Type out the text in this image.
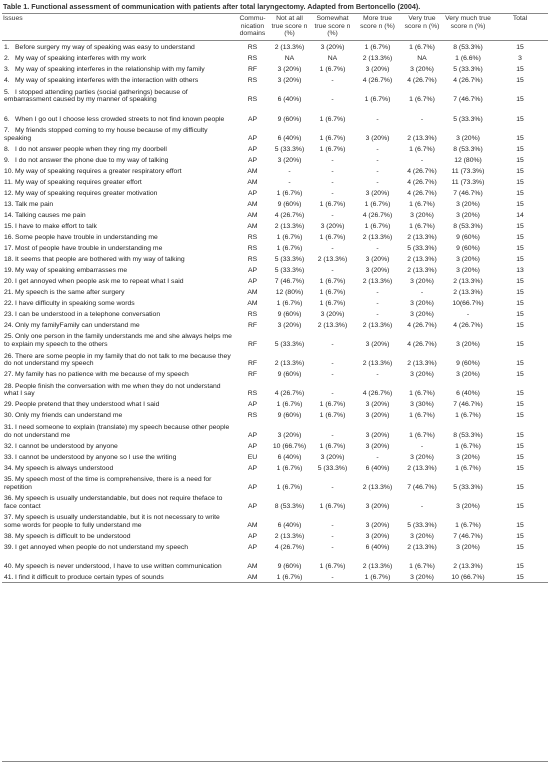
Table 1. Functional assessment of communication with patients after total laryngectomy. Adapted from Bertoncello (2004).
Issues	Commu-nication domains	Not at all true score n (%)	Somewhat true score n (%)	More true score n (%)	Very true score n (%)	Very much true score n (%)	Total
1. Before surgery my way of speaking was easy to understand	RS	2 (13.3%)	3 (20%)	1 (6.7%)	1 (6.7%)	8 (53.3%)	15
2. My way of speaking interferes with my work	RS	NA	NA	2 (13.3%)	NA	1 (6.6%)	3
3. My way of speaking interferes in the relationship with my family	RF	3 (20%)	1 (6.7%)	3 (20%)	3 (20%)	5 (33.3%)	15
4. My way of speaking interferes with the interaction with others	RS	3 (20%)	-	4 (26.7%)	4 (26.7%)	4 (26.7%)	15
5. I stopped attending parties (social gatherings) because of embarrassment caused by my manner of speaking	RS	6 (40%)	-	1 (6.7%)	1 (6.7%)	7 (46.7%)	15
6. When I go out I choose less crowded streets to not find known people	AP	9 (60%)	1 (6.7%)	-	-	5 (33.3%)	15
7. My friends stopped coming to my house because of my difficulty speaking	AP	6 (40%)	1 (6.7%)	3 (20%)	2 (13.3%)	3 (20%)	15
8. I do not answer people when they ring my doorbell	AP	5 (33.3%)	1 (6.7%)	-	1 (6.7%)	8 (53.3%)	15
9. I do not answer the phone due to my way of talking	AP	3 (20%)	-	-	-	12 (80%)	15
10. My way of speaking requires a greater respiratory effort	AM	-	-	-	4 (26.7%)	11 (73.3%)	15
11. My way of speaking requires greater effort	AM	-	-	-	4 (26.7%)	11 (73.3%)	15
12. My way of speaking requires greater motivation	AP	1 (6.7%)	-	3 (20%)	4 (26.7%)	7 (46.7%)	15
13. Talk me pain	AM	9 (60%)	1 (6.7%)	1 (6.7%)	1 (6.7%)	3 (20%)	15
14. Talking causes me pain	AM	4 (26.7%)	-	4 (26.7%)	3 (20%)	3 (20%)	14
15. I have to make effort to talk	AM	2 (13.3%)	3 (20%)	1 (6.7%)	1 (6.7%)	8 (53.3%)	15
16. Some people have trouble in understanding me	RS	1 (6.7%)	1 (6.7%)	2 (13.3%)	2 (13.3%)	9 (60%)	15
17. Most of people have trouble in understanding me	RS	1 (6.7%)	-	-	5 (33.3%)	9 (60%)	15
18. It seems that people are bothered with my way of talking	RS	5 (33.3%)	2 (13.3%)	3 (20%)	2 (13.3%)	3 (20%)	15
19. My way of speaking embarrasses me	AP	5 (33.3%)	-	3 (20%)	2 (13.3%)	3 (20%)	13
20. I get annoyed when people ask me to repeat what I said	AP	7 (46.7%)	1 (6.7%)	2 (13.3%)	3 (20%)	2 (13.3%)	15
21. My speech is the same after surgery	AM	12 (80%)	1 (6.7%)	-	-	2 (13.3%)	15
22. I have difficulty in speaking some words	AM	1 (6.7%)	1 (6.7%)	-	3 (20%)	10(66.7%)	15
23. I can be understood in a telephone conversation	RS	9 (60%)	3 (20%)	-	3 (20%)	-	15
24. Only my familyFamily can understand me	RF	3 (20%)	2 (13.3%)	2 (13.3%)	4 (26.7%)	4 (26.7%)	15
25. Only one person in the family understands me and she always helps me to explain my speech to the others	RF	5 (33.3%)	-	3 (20%)	4 (26.7%)	3 (20%)	15
26. There are some people in my family that do not talk to me because they do not understand my speech	RF	2 (13.3%)	-	2 (13.3%)	2 (13.3%)	9 (60%)	15
27. My family has no patience with me because of my speech	RF	9 (60%)	-	-	3 (20%)	3 (20%)	15
28. People finish the conversation with me when they do not understand what I say	RS	4 (26.7%)	-	4 (26.7%)	1 (6.7%)	6 (40%)	15
29. People pretend that they understood what I said	AP	1 (6.7%)	1 (6.7%)	3 (20%)	3 (30%)	7 (46.7%)	15
30. Only my friends can understand me	RS	9 (60%)	1 (6.7%)	3 (20%)	1 (6.7%)	1 (6.7%)	15
31. I need someone to explain (translate) my speech because other people do not understand me	AP	3 (20%)	-	3 (20%)	1 (6.7%)	8 (53.3%)	15
32. I cannot be understood by anyone	AP	10 (66.7%)	1 (6.7%)	3 (20%)	-	1 (6.7%)	15
33. I cannot be understood by anyone so I use the writing	EU	6 (40%)	3 (20%)	-	3 (20%)	3 (20%)	15
34. My speech is always understood	AP	1 (6.7%)	5 (33.3%)	6 (40%)	2 (13.3%)	1 (6.7%)	15
35. My speech most of the time is comprehensive, there is a need for repetition	AP	1 (6.7%)	-	2 (13.3%)	7 (46.7%)	5 (33.3%)	15
36. My speech is usually understandable, but does not require theface to face contact	AP	8 (53.3%)	1 (6.7%)	3 (20%)	-	3 (20%)	15
37. My speech is usually understandable, but it is not necessary to write some words for people to fully understand me	AM	6 (40%)	-	3 (20%)	5 (33.3%)	1 (6.7%)	15
38. My speech is difficult to be understood	AP	2 (13.3%)	-	3 (20%)	3 (20%)	7 (46.7%)	15
39. I get annoyed when people do not understand my speech	AP	4 (26.7%)	-	6 (40%)	2 (13.3%)	3 (20%)	15
40. My speech is never understood, I have to use written communication	AM	9 (60%)	1 (6.7%)	2 (13.3%)	1 (6.7%)	2 (13.3%)	15
41. I find it difficult to produce certain types of sounds	AM	1 (6.7%)	-	1 (6.7%)	3 (20%)	10 (66.7%)	15
